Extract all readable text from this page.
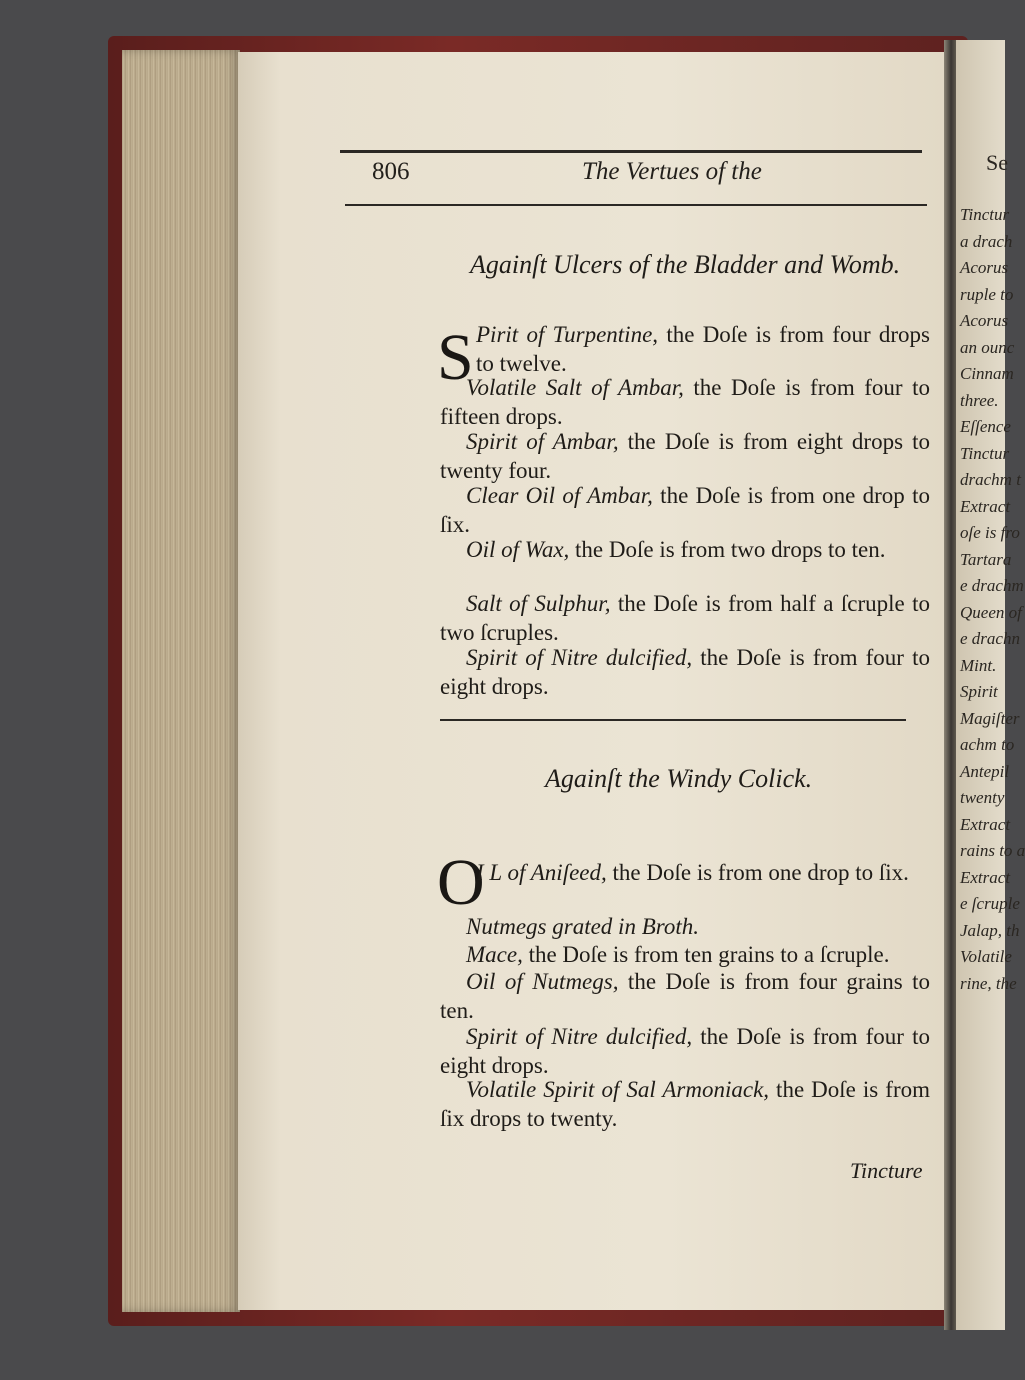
Se
Tinctur
a drach
Acorus
ruple to
Acorus
an ounc
Cinnam
three.
Eſſence
Tinctur
drachm t
Extract
oſe is fro
Tartara
e drachm
Queen of
e drachn
Mint.
Spirit
Magiſter
achm to
Antepil
twenty
Extract
rains to a
Extract
e ſcruple
Jalap, th
Volatile
rine, the
806	The Vertues of the
Againſt Ulcers of the Bladder and Womb.
S Pirit of Turpentine, the Doſe is from four drops to twelve.
Volatile Salt of Ambar, the Doſe is from four to fifteen drops.
Spirit of Ambar, the Doſe is from eight drops to twenty four.
Clear Oil of Ambar, the Doſe is from one drop to ſix.
Oil of Wax, the Doſe is from two drops to ten.
Salt of Sulphur, the Doſe is from half a ſcruple to two ſcruples.
Spirit of Nitre dulcified, the Doſe is from four to eight drops.
Againſt the Windy Colick.
O
I L of Aniſeed, the Doſe is from one drop to ſix.
Nutmegs grated in Broth.
Mace, the Doſe is from ten grains to a ſcruple.
Oil of Nutmegs, the Doſe is from four grains to ten.
Spirit of Nitre dulcified, the Doſe is from four to eight drops.
Volatile Spirit of Sal Armoniack, the Doſe is from ſix drops to twenty.
Tincture
